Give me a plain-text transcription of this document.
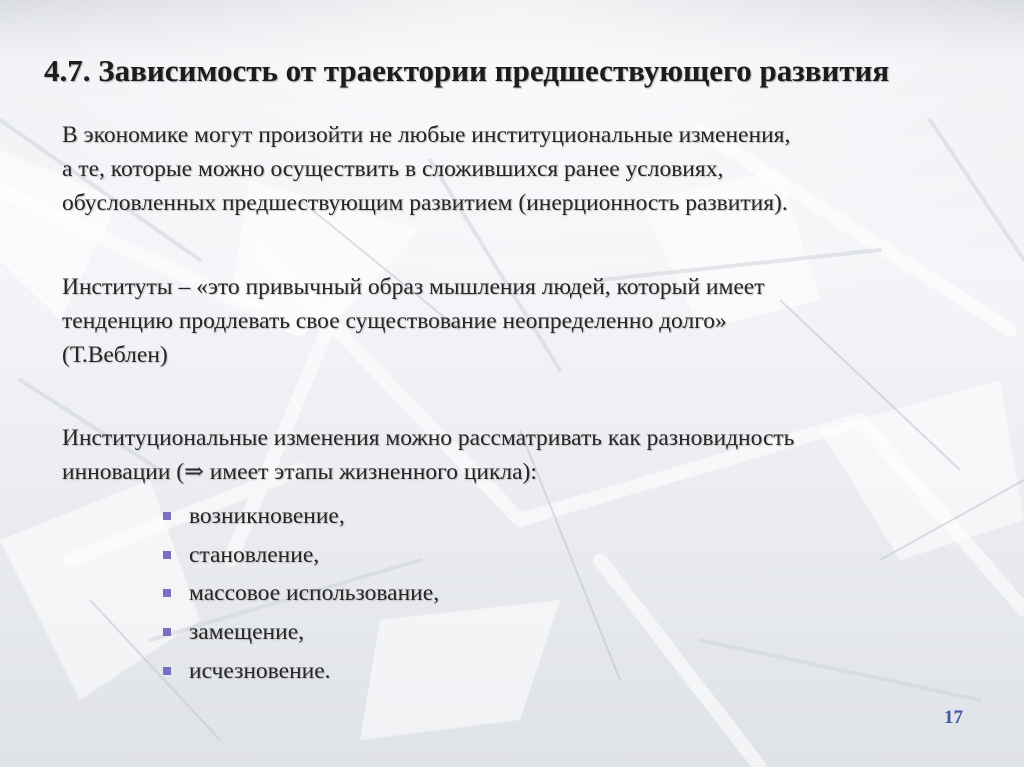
4.7. Зависимость от траектории предшествующего развития

В экономике могут произойти не любые институциональные изменения,
а те, которые можно осуществить в сложившихся ранее условиях,
обусловленных предшествующим развитием (инерционность развития).

Институты – «это привычный образ мышления людей, который имеет
тенденцию продлевать свое существование неопределенно долго»
(Т.Веблен)

Институциональные изменения можно рассматривать как разновидность
инновации (⇒ имеет этапы жизненного цикла):

возникновение,
становление,
массовое использование,
замещение,
исчезновение.
17
